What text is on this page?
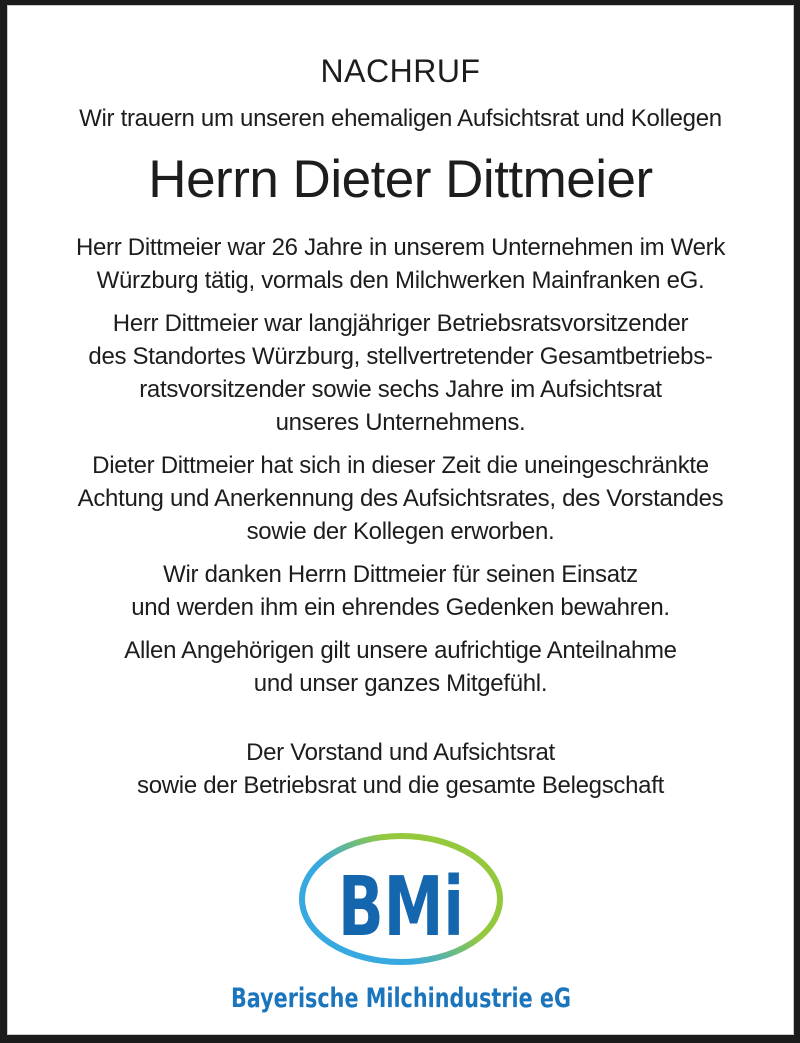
NACHRUF
Wir trauern um unseren ehemaligen Aufsichtsrat und Kollegen
Herrn Dieter Dittmeier

Herr Dittmeier war 26 Jahre in unserem Unternehmen im Werk
Würzburg tätig, vormals den Milchwerken Mainfranken eG.

Herr Dittmeier war langjähriger Betriebsratsvorsitzender
des Standortes Würzburg, stellvertretender Gesamtbetriebs-
ratsvorsitzender sowie sechs Jahre im Aufsichtsrat
unseres Unternehmens.

Dieter Dittmeier hat sich in dieser Zeit die uneingeschränkte
Achtung und Anerkennung des Aufsichtsrates, des Vorstandes
sowie der Kollegen erworben.

Wir danken Herrn Dittmeier für seinen Einsatz
und werden ihm ein ehrendes Gedenken bewahren.

Allen Angehörigen gilt unsere aufrichtige Anteilnahme
und unser ganzes Mitgefühl.

Der Vorstand und Aufsichtsrat
sowie der Betriebsrat und die gesamte Belegschaft
BMi
Bayerische Milchindustrie eG
